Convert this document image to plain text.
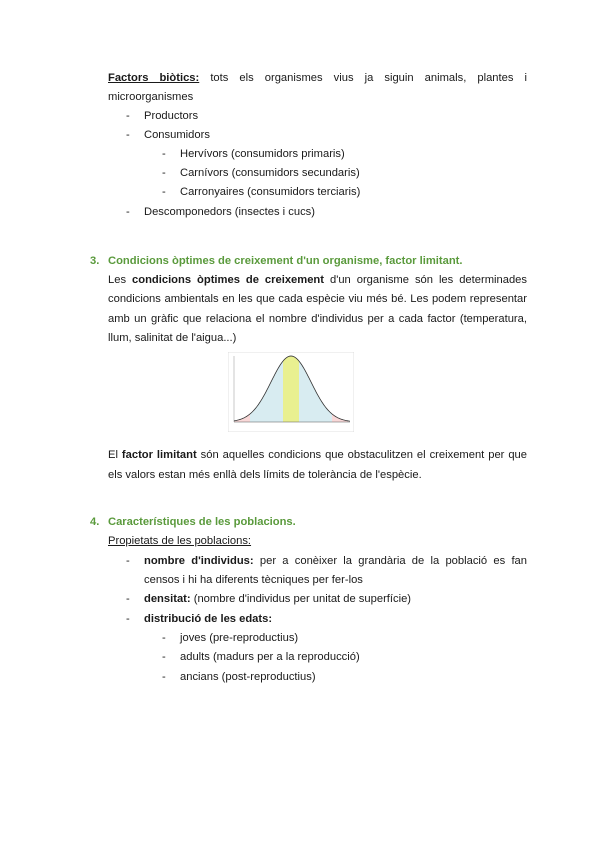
Factors biòtics: tots els organismes vius ja siguin animals, plantes i
microorganismes
- Productors
- Consumidors
- Hervívors (consumidors primaris)
- Carnívors (consumidors secundaris)
- Carronyaires (consumidors terciaris)
- Descomponedors (insectes i cucs)
3. Condicions òptimes de creixement d'un organisme, factor limitant.
Les condicions òptimes de creixement d'un organisme són les determinades
condicions ambientals en les que cada espècie viu més bé. Les podem representar
amb un gràfic que relaciona el nombre d'individus per a cada factor (temperatura,
llum, salinitat de l'aigua...)
El factor limitant són aquelles condicions que obstaculitzen el creixement per que
els valors estan més enllà dels límits de tolerància de l'espècie.
4. Característiques de les poblacions.
Propietats de les poblacions:
- nombre d'individus: per a conèixer la grandària de la població es fan
censos i hi ha diferents tècniques per fer-los
- densitat: (nombre d'individus per unitat de superfície)
- distribució de les edats:
- joves (pre-reproductius)
- adults (madurs per a la reproducció)
- ancians (post-reproductius)
